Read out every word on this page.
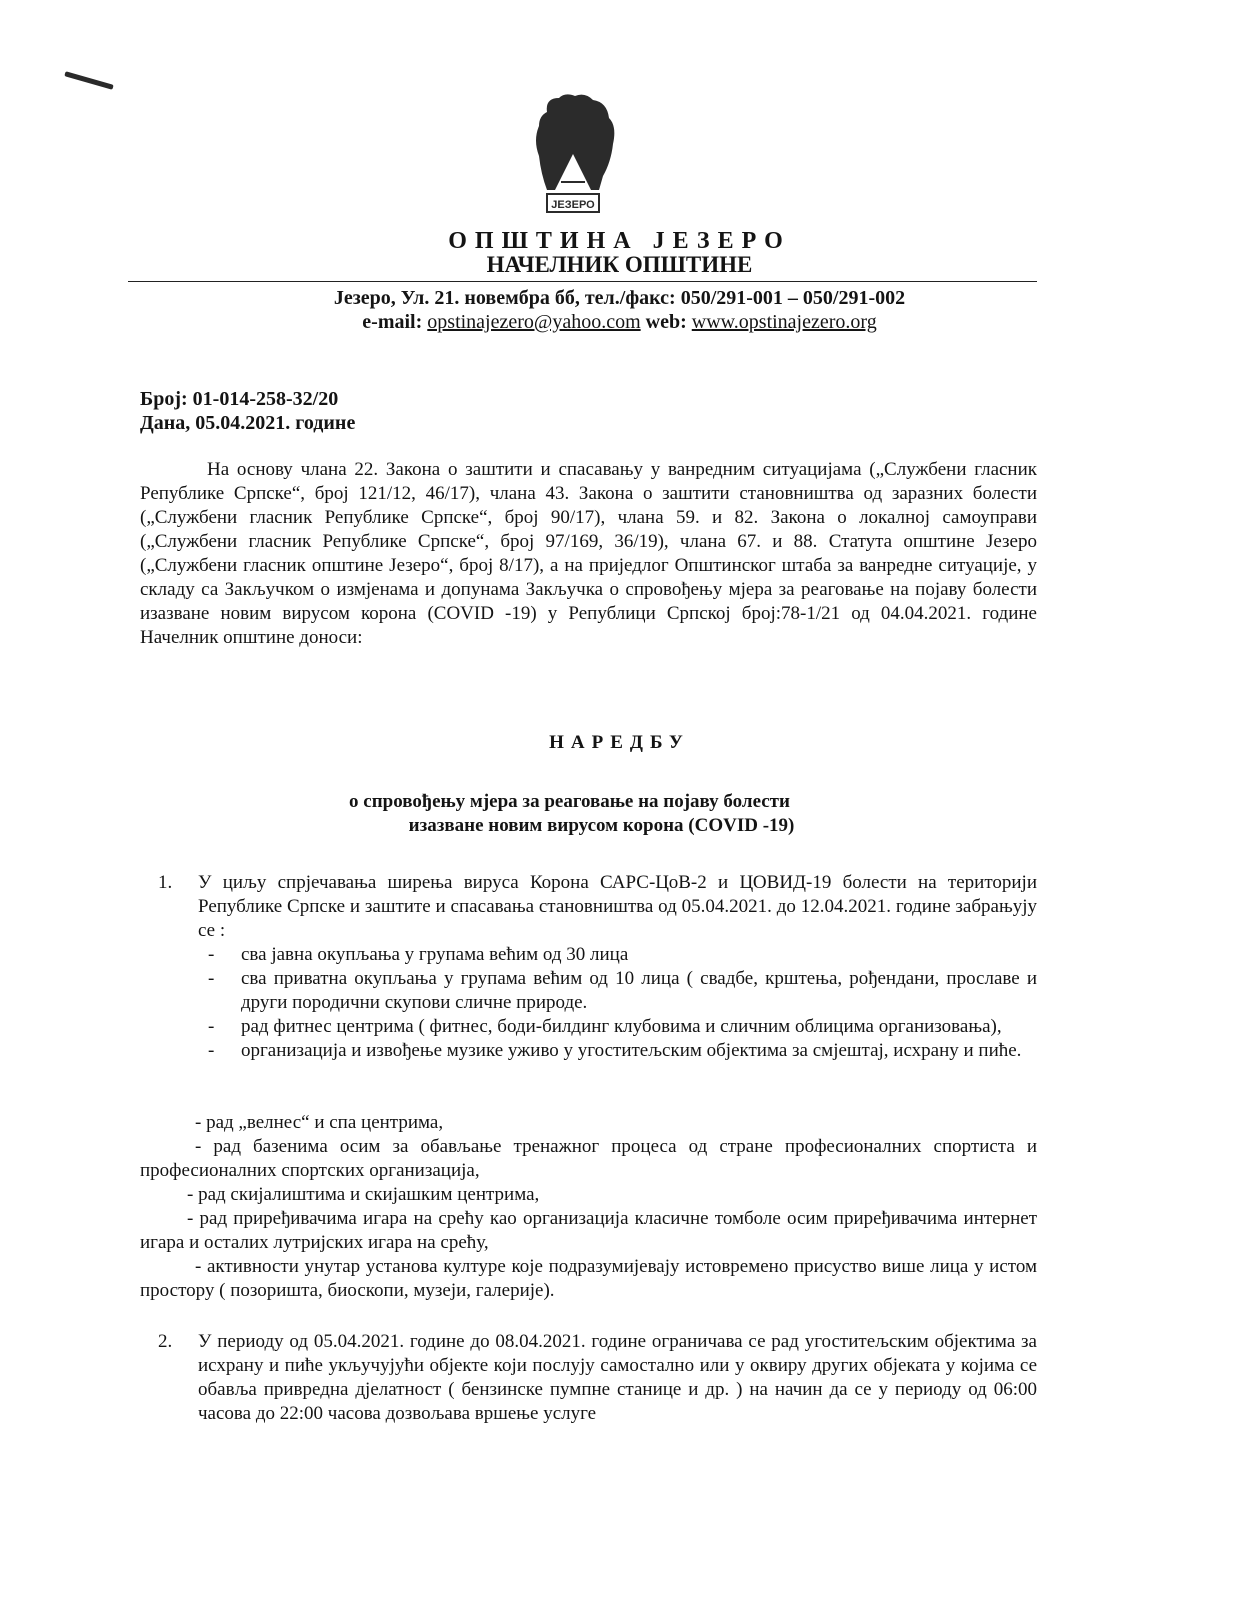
ЈЕЗЕРО
ОПШТИНА ЈЕЗЕРО
НАЧЕЛНИК ОПШТИНЕ
Језеро, Ул. 21. новембра бб, тел./факс: 050/291-001 – 050/291-002
e-mail: opstinajezero@yahoo.com web: www.opstinajezero.org
Број: 01-014-258-32/20
Дана, 05.04.2021. године

На основу члана 22. Закона о заштити и спасавању у ванредним ситуацијама („Службени гласник Републике Српске“, број 121/12, 46/17), члана 43. Закона о заштити становништва од заразних болести („Службени гласник Републике Српске“, број 90/17), члана 59. и 82. Закона о локалној самоуправи („Службени гласник Републике Српске“, број 97/169, 36/19), члана 67. и 88. Статута општине Језеро („Службени гласник општине Језеро“, број 8/17), а на приједлог Општинског штаба за ванредне ситуације, у складу са Закључком о измјенама и допунама Закључка о спровођењу мјера за реаговање на појаву болести изазване новим вирусом корона (COVID -19) у Републици Српској број:78-1/21 од 04.04.2021. године Начелник општине доноси:

НАРЕДБУ
о спровођењу мјера за реаговање на појаву болести
изазване новим вирусом корона (COVID -19)
1. У циљу спрјечавања ширења вируса Корона САРС-ЦоВ-2 и ЦОВИД-19 болести на територији Републике Српске и заштите и спасавања становништва од 05.04.2021. до 12.04.2021. године забрањују се :
- сва јавна окупљања у групама већим од 30 лица
- сва приватна окупљања у групама већим од 10 лица ( свадбе, крштења, рођендани, прославе и други породични скупови сличне природе.
- рад фитнес центрима ( фитнес, боди-билдинг клубовима и сличним облицима организовања),
- организација и извођење музике уживо у угоститељским објектима за смјештај, исхрану и пиће.
- рад „велнес“ и спа центрима,
- рад базенима осим за обављање тренажног процеса од стране професионалних спортиста и професионалних спортских организација,
- рад скијалиштима и скијашким центрима,
- рад приређивачима игара на срећу као организација класичне томболе осим приређивачима интернет игара и осталих лутријских игара на срећу,
- активности унутар установа културе које подразумијевају истовремено присуство више лица у истом простору ( позоришта, биоскопи, музеји, галерије).
2. У периоду од 05.04.2021. године до 08.04.2021. године ограничава се рад угоститељским објектима за исхрану и пиће укључујући објекте који послују самостално или у оквиру других објеката у којима се обавља привредна дјелатност ( бензинске пумпне станице и др. ) на начин да се у периоду од 06:00 часова до 22:00 часова дозвољава вршење услуге
